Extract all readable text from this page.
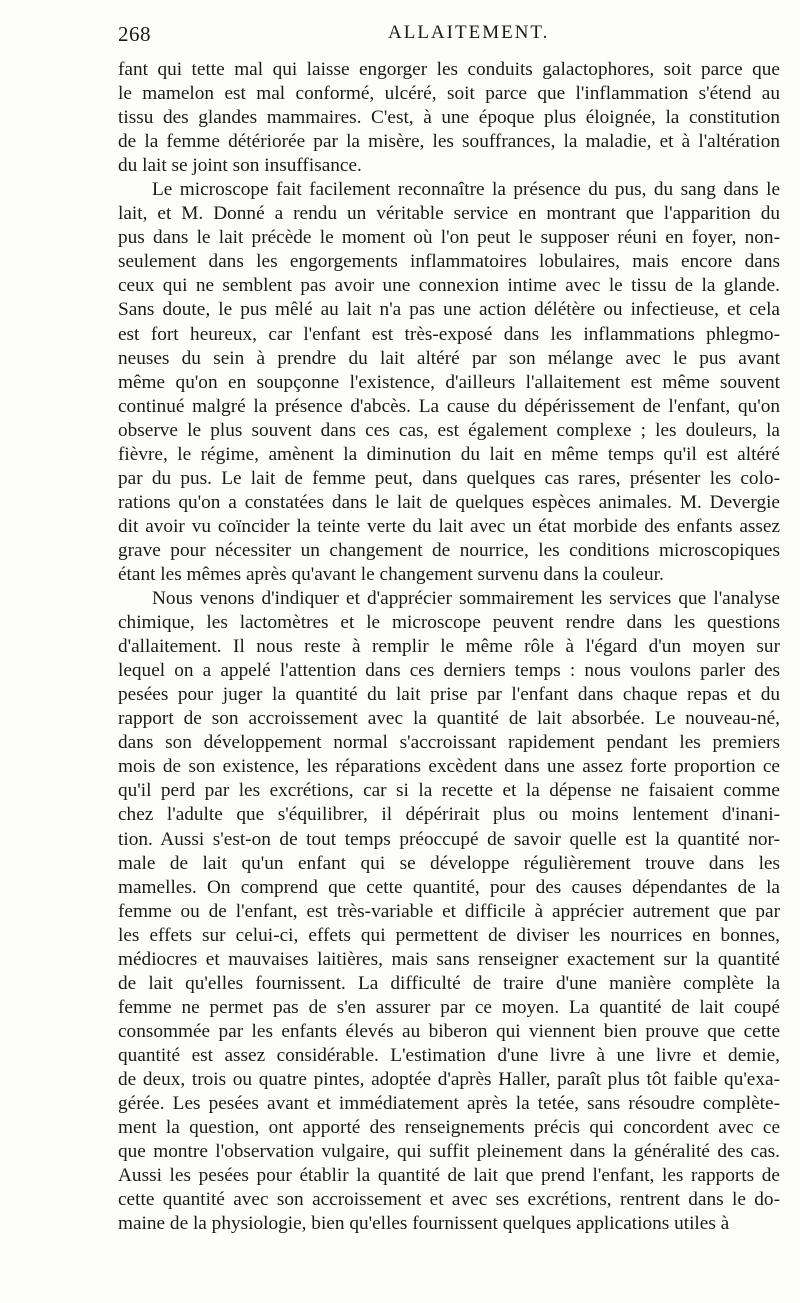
268	ALLAITEMENT.
fant qui tette mal qui laisse engorger les conduits galactophores, soit parce que
le mamelon est mal conformé, ulcéré, soit parce que l'inflammation s'étend au
tissu des glandes mammaires. C'est, à une époque plus éloignée, la constitution
de la femme détériorée par la misère, les souffrances, la maladie, et à l'altération
du lait se joint son insuffisance.
Le microscope fait facilement reconnaître la présence du pus, du sang dans le
lait, et M. Donné a rendu un véritable service en montrant que l'apparition du
pus dans le lait précède le moment où l'on peut le supposer réuni en foyer, non-
seulement dans les engorgements inflammatoires lobulaires, mais encore dans
ceux qui ne semblent pas avoir une connexion intime avec le tissu de la glande.
Sans doute, le pus mêlé au lait n'a pas une action délétère ou infectieuse, et cela
est fort heureux, car l'enfant est très-exposé dans les inflammations phlegmo-
neuses du sein à prendre du lait altéré par son mélange avec le pus avant
même qu'on en soupçonne l'existence, d'ailleurs l'allaitement est même souvent
continué malgré la présence d'abcès. La cause du dépérissement de l'enfant, qu'on
observe le plus souvent dans ces cas, est également complexe ; les douleurs, la
fièvre, le régime, amènent la diminution du lait en même temps qu'il est altéré
par du pus. Le lait de femme peut, dans quelques cas rares, présenter les colo-
rations qu'on a constatées dans le lait de quelques espèces animales. M. Devergie
dit avoir vu coïncider la teinte verte du lait avec un état morbide des enfants assez
grave pour nécessiter un changement de nourrice, les conditions microscopiques
étant les mêmes après qu'avant le changement survenu dans la couleur.
Nous venons d'indiquer et d'apprécier sommairement les services que l'analyse
chimique, les lactomètres et le microscope peuvent rendre dans les questions
d'allaitement. Il nous reste à remplir le même rôle à l'égard d'un moyen sur
lequel on a appelé l'attention dans ces derniers temps : nous voulons parler des
pesées pour juger la quantité du lait prise par l'enfant dans chaque repas et du
rapport de son accroissement avec la quantité de lait absorbée. Le nouveau-né,
dans son développement normal s'accroissant rapidement pendant les premiers
mois de son existence, les réparations excèdent dans une assez forte proportion ce
qu'il perd par les excrétions, car si la recette et la dépense ne faisaient comme
chez l'adulte que s'équilibrer, il dépérirait plus ou moins lentement d'inani-
tion. Aussi s'est-on de tout temps préoccupé de savoir quelle est la quantité nor-
male de lait qu'un enfant qui se développe régulièrement trouve dans les
mamelles. On comprend que cette quantité, pour des causes dépendantes de la
femme ou de l'enfant, est très-variable et difficile à apprécier autrement que par
les effets sur celui-ci, effets qui permettent de diviser les nourrices en bonnes,
médiocres et mauvaises laitières, mais sans renseigner exactement sur la quantité
de lait qu'elles fournissent. La difficulté de traire d'une manière complète la
femme ne permet pas de s'en assurer par ce moyen. La quantité de lait coupé
consommée par les enfants élevés au biberon qui viennent bien prouve que cette
quantité est assez considérable. L'estimation d'une livre à une livre et demie,
de deux, trois ou quatre pintes, adoptée d'après Haller, paraît plus tôt faible qu'exa-
gérée. Les pesées avant et immédiatement après la tetée, sans résoudre complète-
ment la question, ont apporté des renseignements précis qui concordent avec ce
que montre l'observation vulgaire, qui suffit pleinement dans la généralité des cas.
Aussi les pesées pour établir la quantité de lait que prend l'enfant, les rapports de
cette quantité avec son accroissement et avec ses excrétions, rentrent dans le do-
maine de la physiologie, bien qu'elles fournissent quelques applications utiles à
